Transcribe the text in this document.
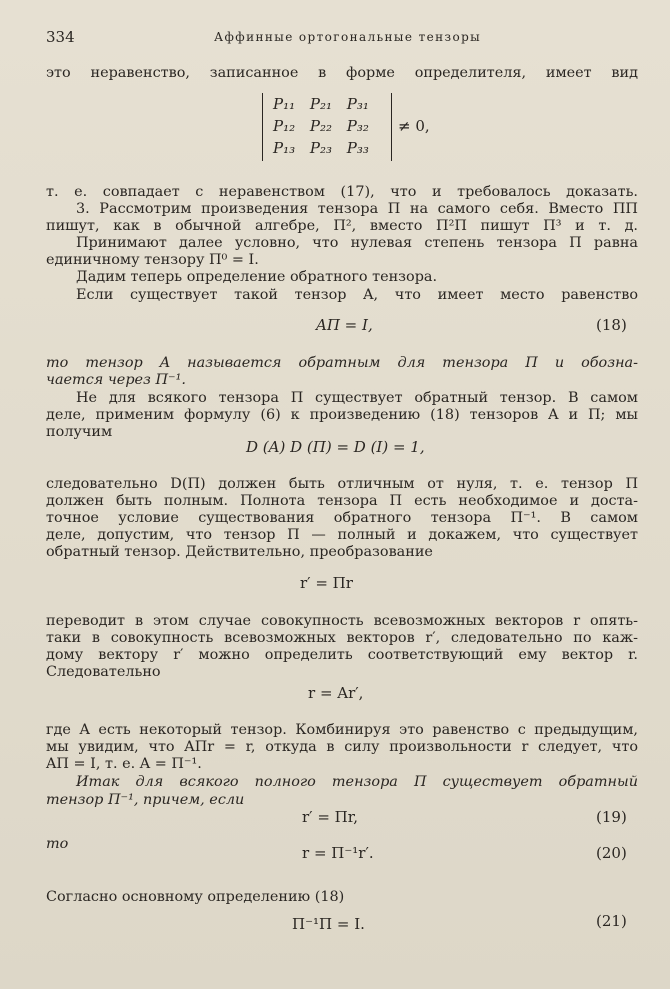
334	Аффинные ортогональные тензоры
это неравенство, записанное в форме определителя, имеет вид
P₁₁ P₂₁ P₃₁
P₁₂ P₂₂ P₃₂
P₁₃ P₂₃ P₃₃
≠ 0,
т. е. совпадает с неравенством (17), что и требовалось доказать.
3. Рассмотрим произведения тензора П на самого себя. Вместо ПП
пишут, как в обычной алгебре, П², вместо П²П пишут П³ и т. д.
Принимают далее условно, что нулевая степень тензора П равна
единичному тензору П⁰ = I.
Дадим теперь определение обратного тензора.
Если существует такой тензор A, что имеет место равенство
AП = I,	(18)
то тензор A называется обратным для тензора П и обозна-
чается через П⁻¹.
Не для всякого тензора П существует обратный тензор. В самом
деле, применим формулу (6) к произведению (18) тензоров A и П; мы
получим
D (A) D (П) = D (I) = 1,
следовательно D(П) должен быть отличным от нуля, т. е. тензор П
должен быть полным. Полнота тензора П есть необходимое и доста-
точное условие существования обратного тензора П⁻¹. В самом
деле, допустим, что тензор П — полный и докажем, что существует
обратный тензор. Действительно, преобразование
r′ = Пr
переводит в этом случае совокупность всевозможных векторов r опять-
таки в совокупность всевозможных векторов r′, следовательно по каж-
дому вектору r′ можно определить соответствующий ему вектор r.
Следовательно
r = Ar′,
где A есть некоторый тензор. Комбинируя это равенство с предыдущим,
мы увидим, что AПr = r, откуда в силу произвольности r следует, что
AП = I, т. е. A = П⁻¹.
Итак для всякого полного тензора П существует обратный
тензор П⁻¹, причем, если
r′ = Пr,	(19)
то	r = П⁻¹r′.	(20)
Согласно основному определению (18)
П⁻¹П = I.	(21)
